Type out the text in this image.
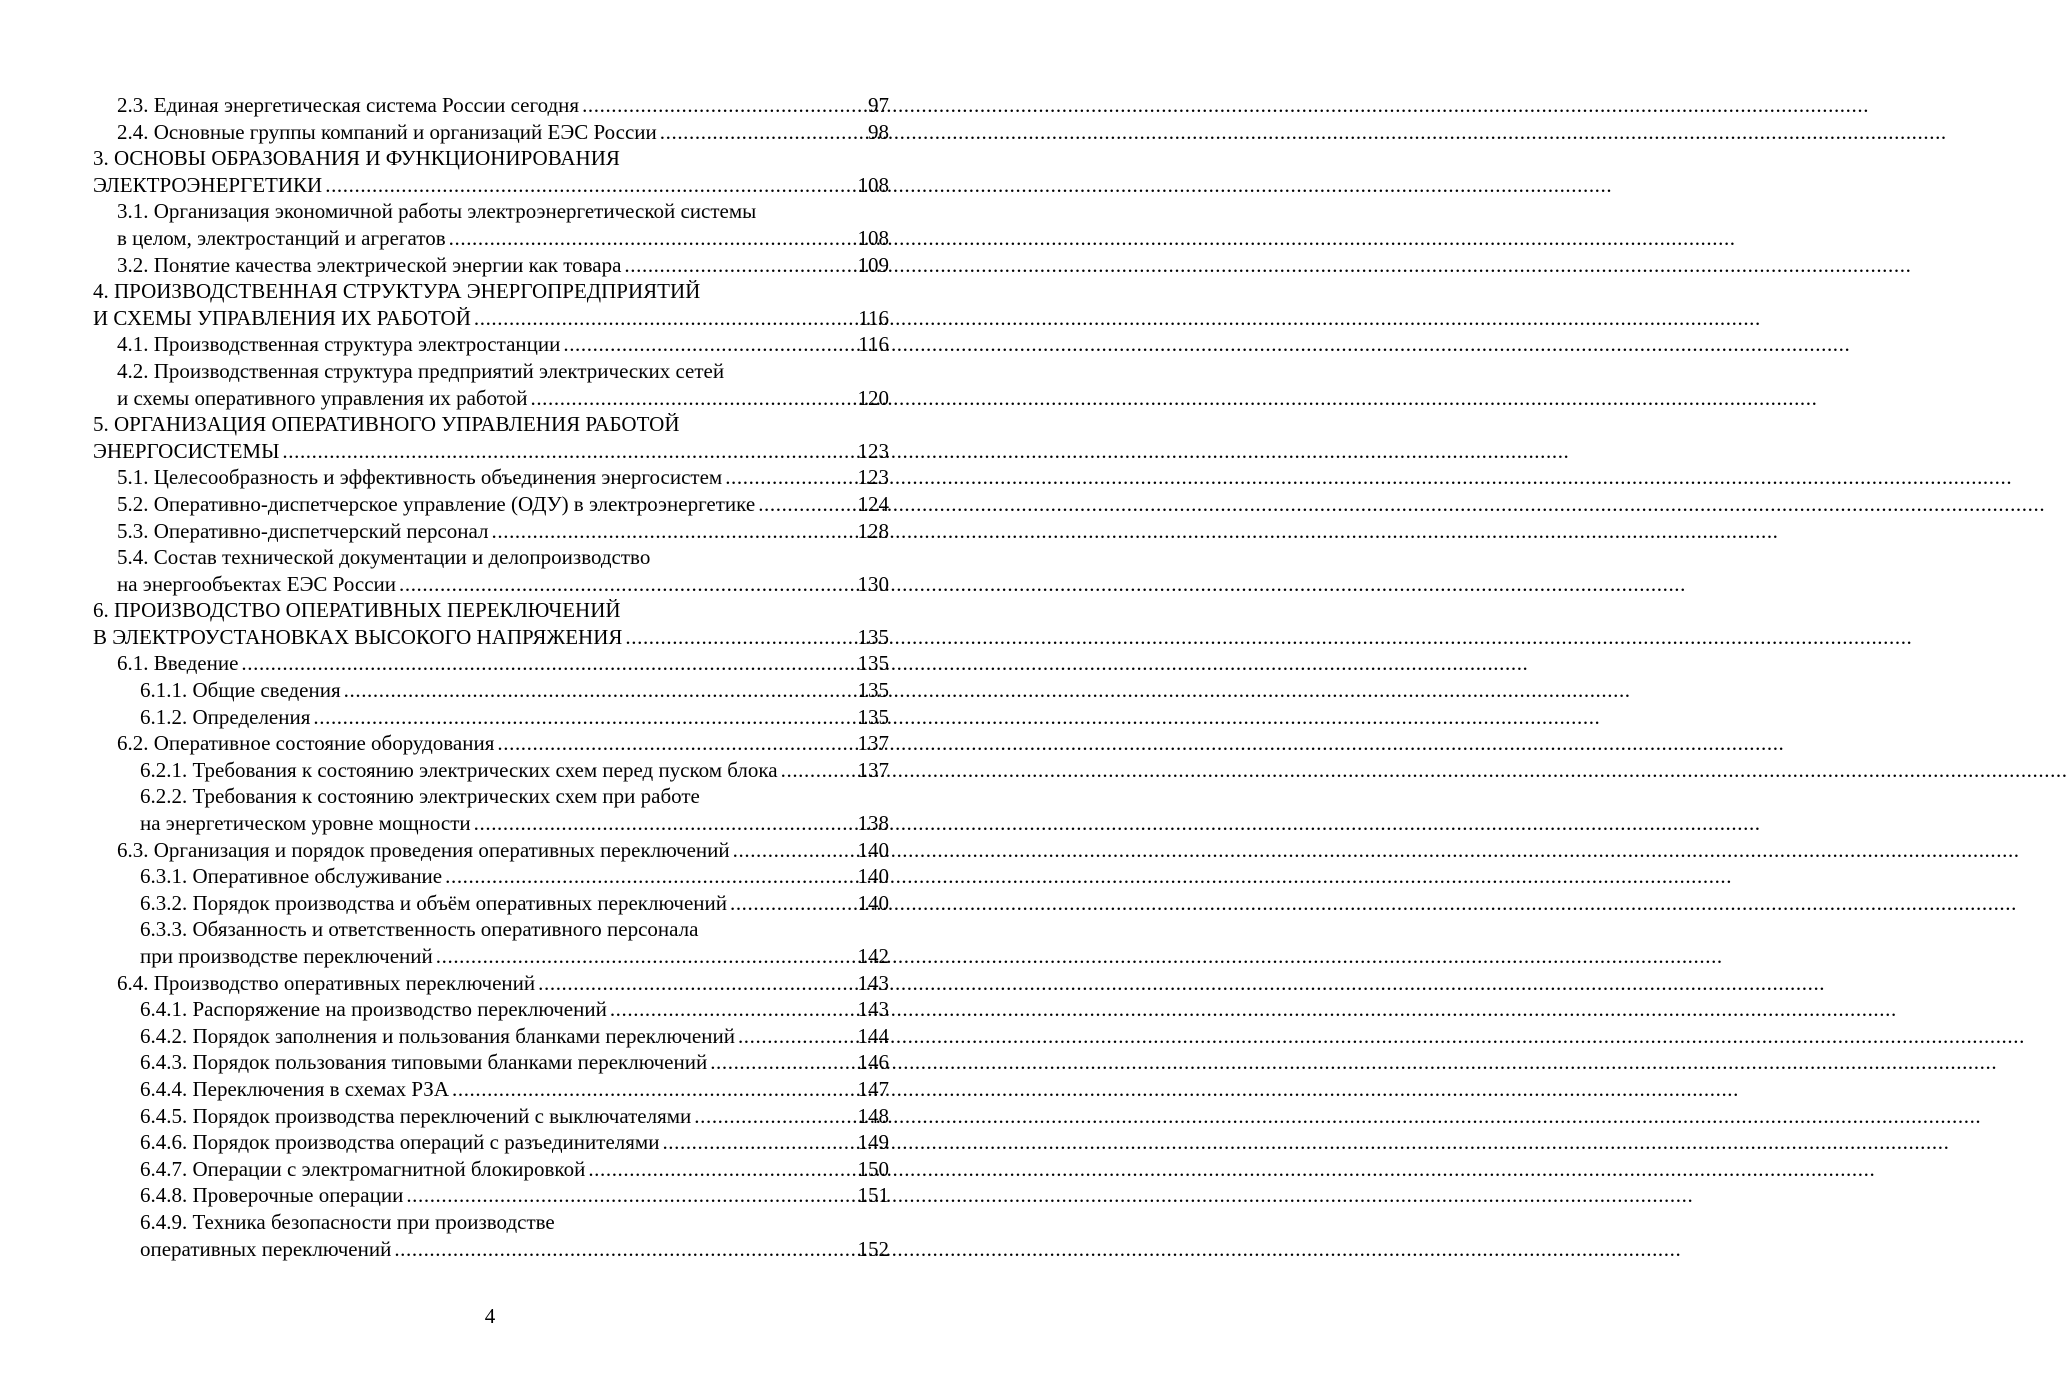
2.3. Единая энергетическая система России сегодня .....	97
2.4. Основные группы компаний и организаций ЕЭС России .....	98
3. ОСНОВЫ ОБРАЗОВАНИЯ И ФУНКЦИОНИРОВАНИЯ
ЭЛЕКТРОЭНЕРГЕТИКИ .....	108
3.1. Организация экономичной работы электроэнергетической системы
в целом, электростанций и агрегатов .....	108
3.2. Понятие качества электрической энергии как товара .....	109
4. ПРОИЗВОДСТВЕННАЯ СТРУКТУРА ЭНЕРГОПРЕДПРИЯТИЙ
И СХЕМЫ УПРАВЛЕНИЯ ИХ РАБОТОЙ .....	116
4.1. Производственная структура электростанции .....	116
4.2. Производственная структура предприятий электрических сетей
и схемы оперативного управления их работой .....	120
5. ОРГАНИЗАЦИЯ ОПЕРАТИВНОГО УПРАВЛЕНИЯ РАБОТОЙ
ЭНЕРГОСИСТЕМЫ .....	123
5.1. Целесообразность и эффективность объединения энергосистем .....	123
5.2. Оперативно-диспетчерское управление (ОДУ) в электроэнергетике .....	124
5.3. Оперативно-диспетчерский персонал .....	128
5.4. Состав технической документации и делопроизводство
на энергообъектах ЕЭС России .....	130
6. ПРОИЗВОДСТВО ОПЕРАТИВНЫХ ПЕРЕКЛЮЧЕНИЙ
В ЭЛЕКТРОУСТАНОВКАХ ВЫСОКОГО НАПРЯЖЕНИЯ .....	135
6.1. Введение .....	135
6.1.1. Общие сведения .....	135
6.1.2. Определения .....	135
6.2. Оперативное состояние оборудования .....	137
6.2.1. Требования к состоянию электрических схем перед пуском блока .....	137
6.2.2. Требования к состоянию электрических схем при работе
на энергетическом уровне мощности .....	138
6.3. Организация и порядок проведения оперативных переключений .....	140
6.3.1. Оперативное обслуживание .....	140
6.3.2. Порядок производства и объём оперативных переключений .....	140
6.3.3. Обязанность и ответственность оперативного персонала
при производстве переключений .....	142
6.4. Производство оперативных переключений .....	143
6.4.1. Распоряжение на производство переключений .....	143
6.4.2. Порядок заполнения и пользования бланками переключений .....	144
6.4.3. Порядок пользования типовыми бланками переключений .....	146
6.4.4. Переключения в схемах РЗА .....	147
6.4.5. Порядок производства переключений с выключателями .....	148
6.4.6. Порядок производства операций с разъединителями .....	149
6.4.7. Операции с электромагнитной блокировкой .....	150
6.4.8. Проверочные операции .....	151
6.4.9. Техника безопасности при производстве
оперативных переключений .....	152
4
